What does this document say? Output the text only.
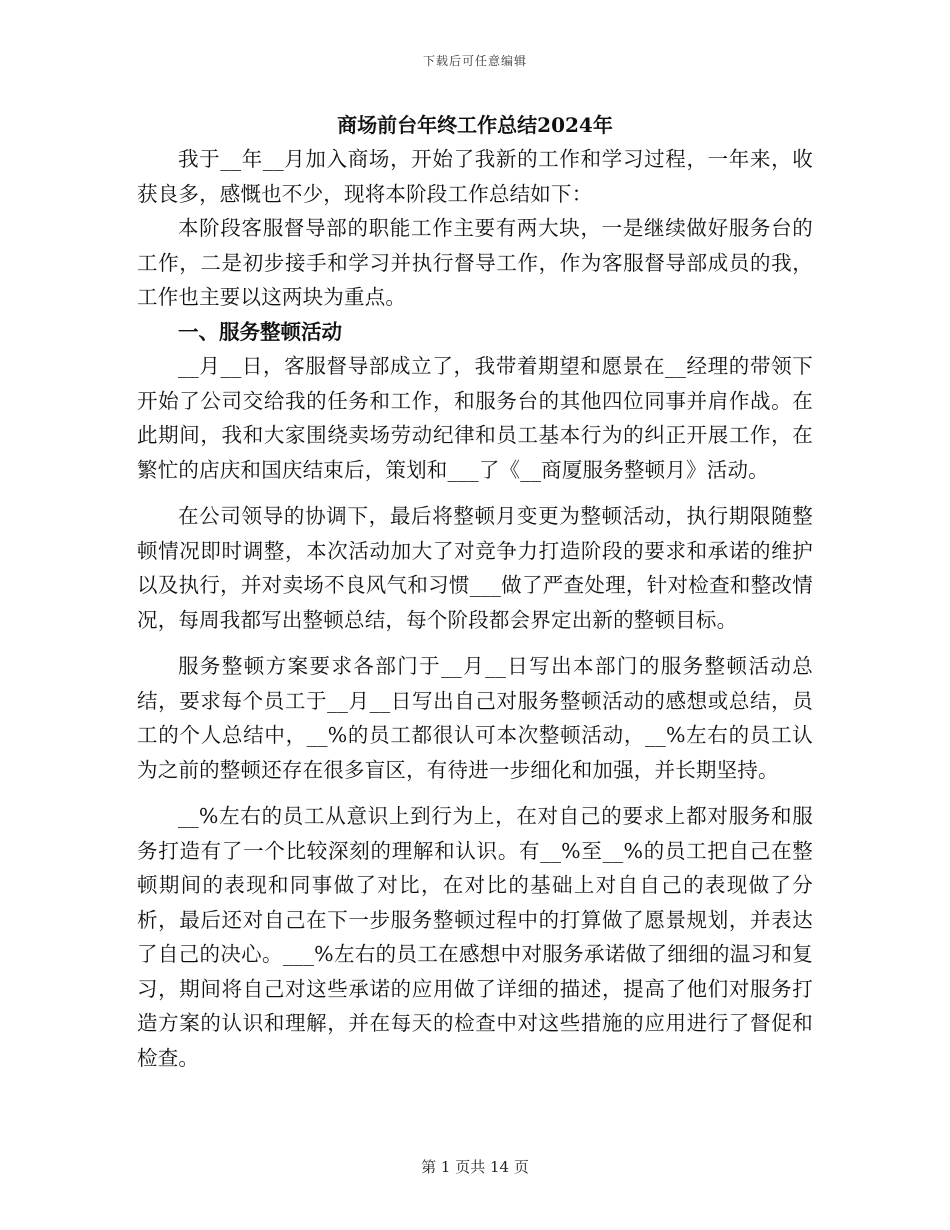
下载后可任意编辑
商场前台年终工作总结2024年

我于__年__月加入商场，开始了我新的工作和学习过程，一年来，收获良多，感慨也不少，现将本阶段工作总结如下：

本阶段客服督导部的职能工作主要有两大块，一是继续做好服务台的工作，二是初步接手和学习并执行督导工作，作为客服督导部成员的我，工作也主要以这两块为重点。

一、服务整顿活动

__月__日，客服督导部成立了，我带着期望和愿景在__经理的带领下开始了公司交给我的任务和工作，和服务台的其他四位同事并肩作战。在此期间，我和大家围绕卖场劳动纪律和员工基本行为的纠正开展工作，在繁忙的店庆和国庆结束后，策划和___了《__商厦服务整顿月》活动。

在公司领导的协调下，最后将整顿月变更为整顿活动，执行期限随整顿情况即时调整，本次活动加大了对竞争力打造阶段的要求和承诺的维护以及执行，并对卖场不良风气和习惯___做了严查处理，针对检查和整改情况，每周我都写出整顿总结，每个阶段都会界定出新的整顿目标。

服务整顿方案要求各部门于__月__日写出本部门的服务整顿活动总结，要求每个员工于__月__日写出自己对服务整顿活动的感想或总结，员工的个人总结中，__%的员工都很认可本次整顿活动，__%左右的员工认为之前的整顿还存在很多盲区，有待进一步细化和加强，并长期坚持。

__%左右的员工从意识上到行为上，在对自己的要求上都对服务和服务打造有了一个比较深刻的理解和认识。有__%至__%的员工把自己在整顿期间的表现和同事做了对比，在对比的基础上对自自己的表现做了分析，最后还对自己在下一步服务整顿过程中的打算做了愿景规划，并表达了自己的决心。___%左右的员工在感想中对服务承诺做了细细的温习和复习，期间将自己对这些承诺的应用做了详细的描述，提高了他们对服务打造方案的认识和理解，并在每天的检查中对这些措施的应用进行了督促和检查。

第 1 页共 14 页
